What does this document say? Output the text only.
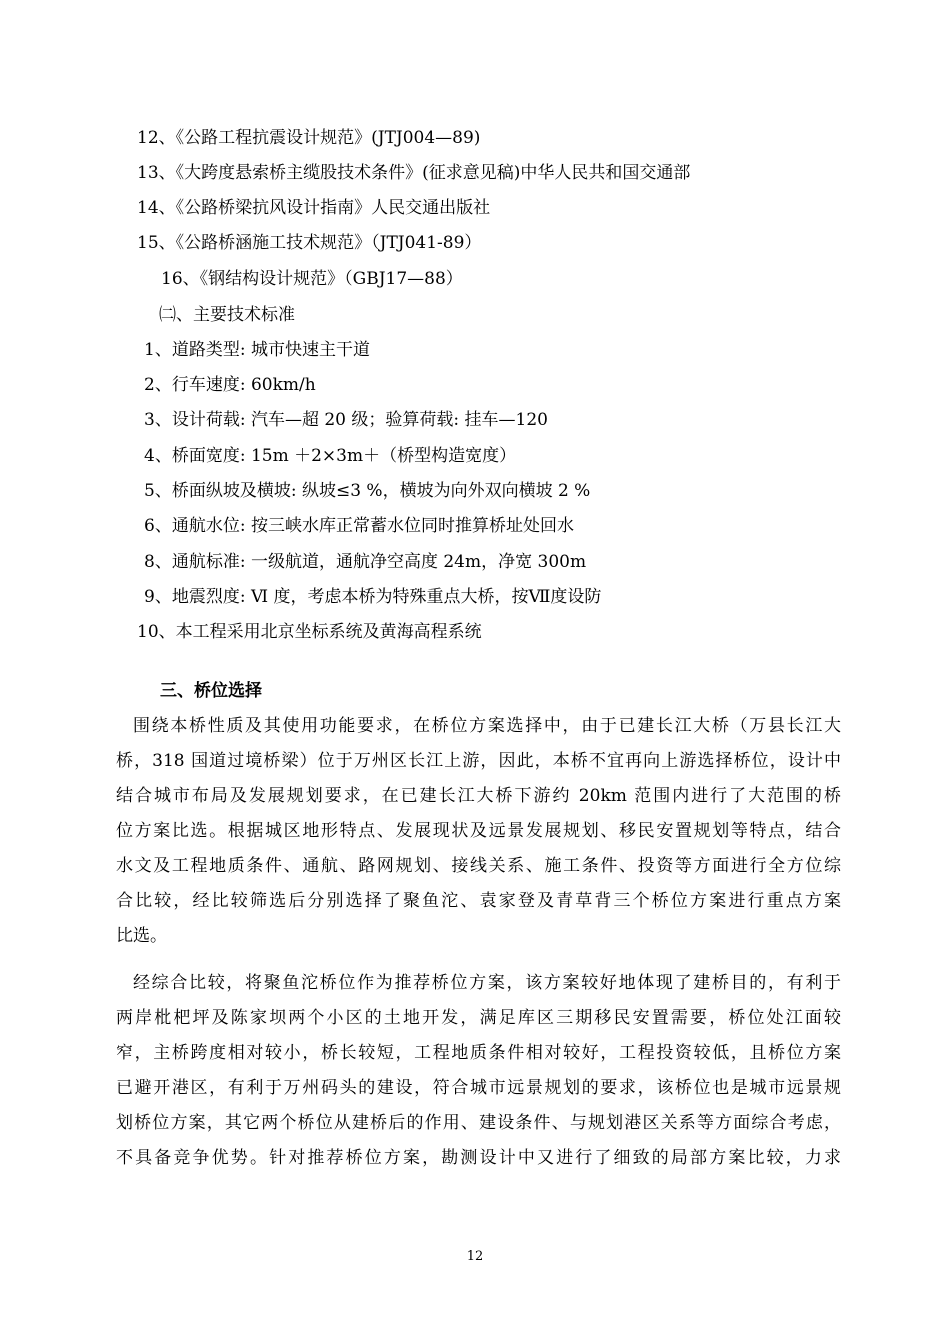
12、《公路工程抗震设计规范》(JTJ004—89)
13、《大跨度悬索桥主缆股技术条件》(征求意见稿)中华人民共和国交通部
14、《公路桥梁抗风设计指南》人民交通出版社
15、《公路桥涵施工技术规范》（JTJ041-89）
16、《钢结构设计规范》（GBJ17—88）
㈡、主要技术标准
1、道路类型: 城市快速主干道
2、行车速度: 60km/h
3、设计荷载: 汽车—超 20 级；验算荷载: 挂车—120
4、桥面宽度: 15m ＋2×3m＋（桥型构造宽度）
5、桥面纵坡及横坡: 纵坡≤3 %，横坡为向外双向横坡 2 %
6、通航水位: 按三峡水库正常蓄水位同时推算桥址处回水
8、通航标准: 一级航道，通航净空高度 24m，净宽 300m
9、地震烈度: Ⅵ 度，考虑本桥为特殊重点大桥，按Ⅶ度设防
10、本工程采用北京坐标系统及黄海高程系统
三、桥位选择
围绕本桥性质及其使用功能要求，在桥位方案选择中，由于已建长江大桥（万县长江大
桥，318 国道过境桥梁）位于万州区长江上游，因此，本桥不宜再向上游选择桥位，设计中
结合城市布局及发展规划要求，在已建长江大桥下游约 20km 范围内进行了大范围的桥
位方案比选。根据城区地形特点、发展现状及远景发展规划、移民安置规划等特点，结合
水文及工程地质条件、通航、路网规划、接线关系、施工条件、投资等方面进行全方位综
合比较，经比较筛选后分别选择了聚鱼沱、袁家登及青草背三个桥位方案进行重点方案
比选。
经综合比较，将聚鱼沱桥位作为推荐桥位方案，该方案较好地体现了建桥目的，有利于
两岸枇杷坪及陈家坝两个小区的土地开发，满足库区三期移民安置需要，桥位处江面较
窄，主桥跨度相对较小，桥长较短，工程地质条件相对较好，工程投资较低，且桥位方案
已避开港区，有利于万州码头的建设，符合城市远景规划的要求，该桥位也是城市远景规
划桥位方案，其它两个桥位从建桥后的作用、建设条件、与规划港区关系等方面综合考虑，
不具备竞争优势。针对推荐桥位方案，勘测设计中又进行了细致的局部方案比较，力求
12
